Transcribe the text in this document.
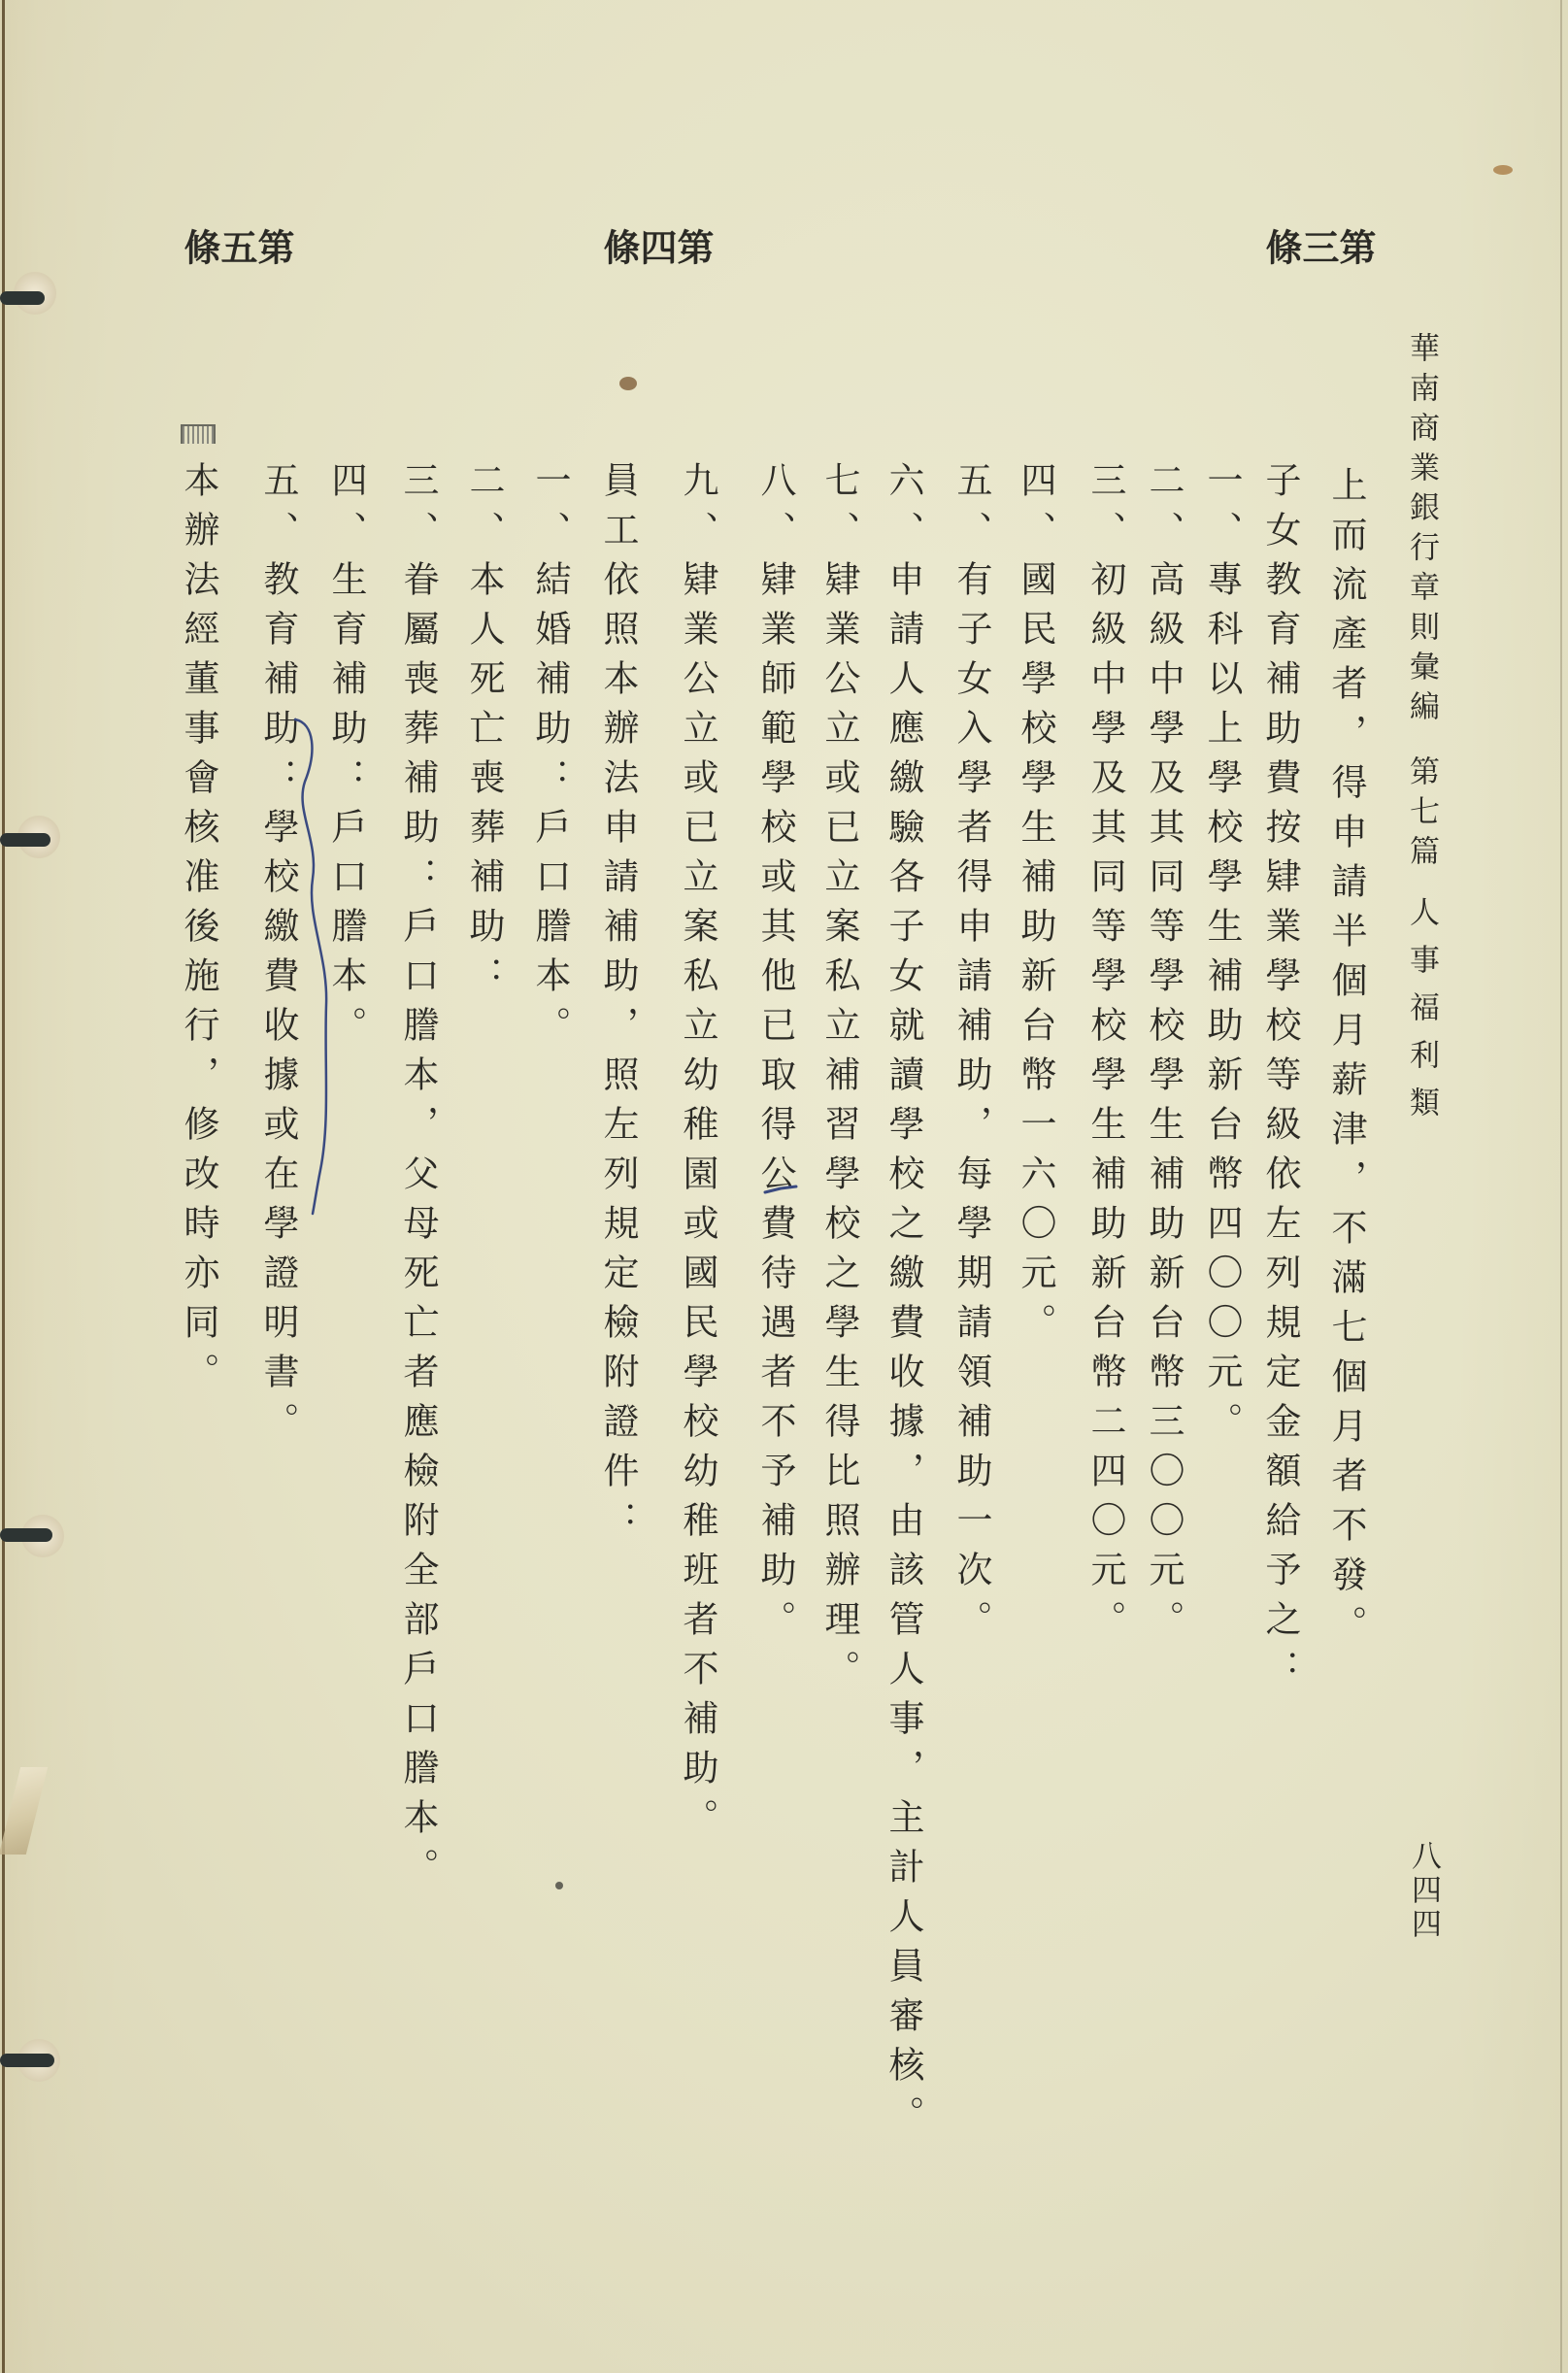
華南商業銀行章則彙編第七篇人事福利類
八四四
上而流產者，得申請半個月薪津，不滿七個月者不發。
第
三
條
子女教育補助費按肄業學校等級依左列規定金額給予之：
一、專科以上學校學生補助新台幣四〇〇元。
二、高級中學及其同等學校學生補助新台幣三〇〇元。
三、初級中學及其同等學校學生補助新台幣二四〇元。
四、國民學校學生補助新台幣一六〇元。
五、有子女入學者得申請補助，每學期請領補助一次。
六、申請人應繳驗各子女就讀學校之繳費收據，由該管人事，主計人員審核。
七、肄業公立或已立案私立補習學校之學生得比照辦理。
八、肄業師範學校或其他已取得公費待遇者不予補助。
九、肄業公立或已立案私立幼稚園或國民學校幼稚班者不補助。
第
四
條
員工依照本辦法申請補助，照左列規定檢附證件：
一、結婚補助：戶口謄本。
二、本人死亡喪葬補助：
三、眷屬喪葬補助：戶口謄本，父母死亡者應檢附全部戶口謄本。
四、生育補助：戶口謄本。
五、教育補助：學校繳費收據或在學證明書。
第
五
條
本辦法經董事會核准後施行，修改時亦同。
